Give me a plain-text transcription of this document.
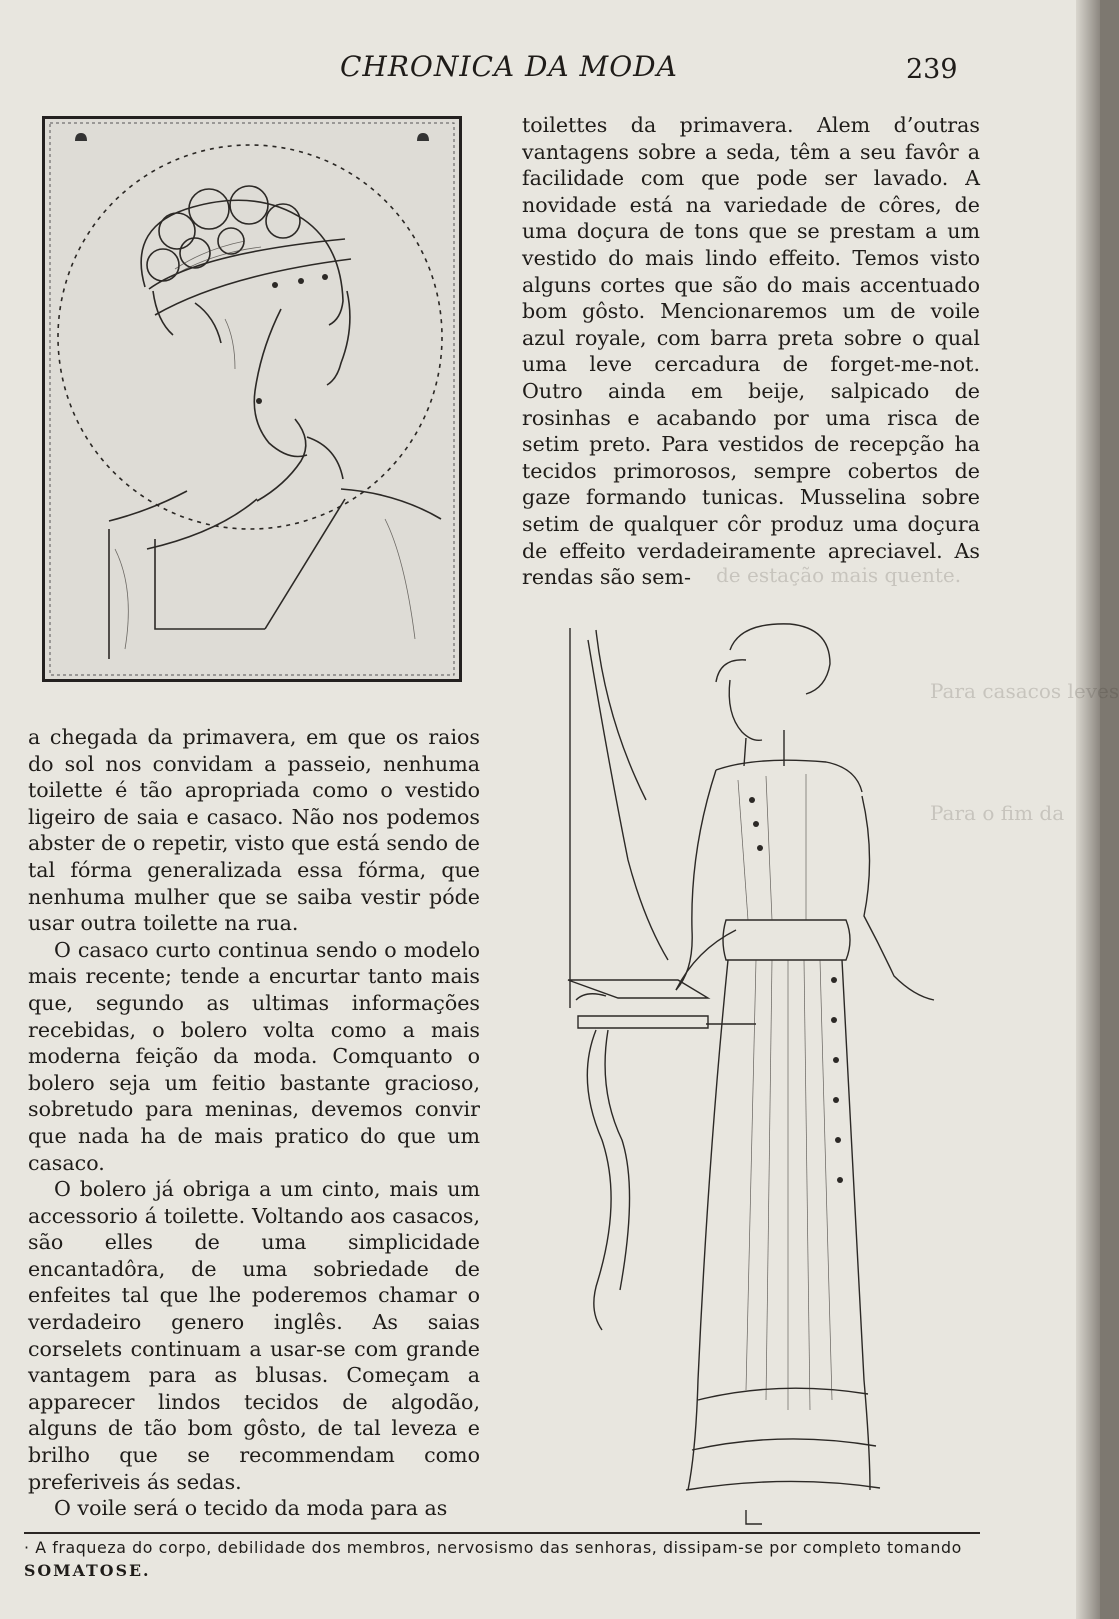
CHRONICA DA MODA	239
de estação mais quente.
Para casacos leves
Para o fim da

toilettes da primavera. Alem d’outras vantagens sobre a seda, têm a seu favôr a facilidade com que pode ser lavado. A novidade está na variedade de côres, de uma doçura de tons que se prestam a um vestido do mais lindo effeito. Temos visto alguns cortes que são do mais accentuado bom gôsto. Mencionaremos um de voile azul royale, com barra preta sobre o qual uma leve cercadura de forget-me-not. Outro ainda em beije, salpicado de rosinhas e acabando por uma risca de setim preto. Para vestidos de recepção ha tecidos primorosos, sempre cobertos de gaze formando tunicas. Musselina sobre setim de qualquer côr produz uma doçura de effeito verdadeiramente apreciavel. As rendas são sem-

a chegada da primavera, em que os raios do sol nos convidam a passeio, nenhuma toilette é tão apropriada como o vestido ligeiro de saia e casaco. Não nos podemos abster de o repetir, visto que está sendo de tal fórma generalizada essa fórma, que nenhuma mulher que se saiba vestir póde usar outra toilette na rua.

O casaco curto continua sendo o modelo mais recente; tende a encurtar tanto mais que, segundo as ultimas informações recebidas, o bolero volta como a mais moderna feição da moda. Comquanto o bolero seja um feitio bastante gracioso, sobretudo para meninas, devemos convir que nada ha de mais pratico do que um casaco.

O bolero já obriga a um cinto, mais um accessorio á toilette. Voltando aos casacos, são elles de uma simplicidade encantadôra, de uma sobriedade de enfeites tal que lhe poderemos chamar o verdadeiro genero inglês. As saias corselets continuam a usar-se com grande vantagem para as blusas. Começam a apparecer lindos tecidos de algodão, alguns de tão bom gôsto, de tal leveza e brilho que se recommendam como preferiveis ás sedas.

O voile será o tecido da moda para as

· A fraqueza do corpo, debilidade dos membros, nervosismo das senhoras, dissipam-se por completo tomando SOMATOSE.
